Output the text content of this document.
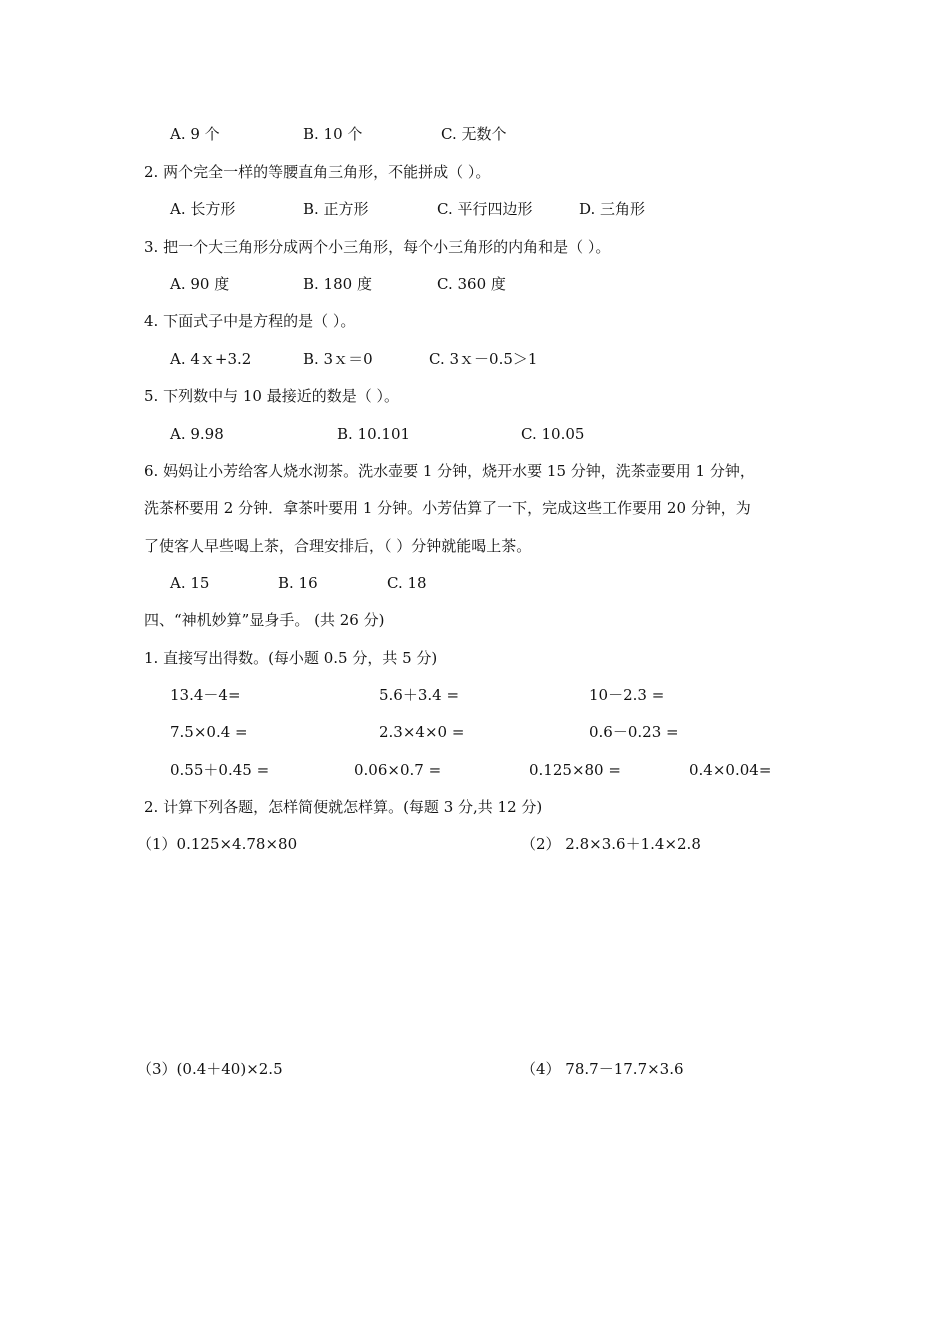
A. 9 个	B. 10 个	C. 无数个
2. 两个完全一样的等腰直角三角形，不能拼成（ ）。
A. 长方形	B. 正方形	C. 平行四边形	D. 三角形
3. 把一个大三角形分成两个小三角形，每个小三角形的内角和是（ ）。
A. 90 度	B. 180 度	C. 360 度
4. 下面式子中是方程的是（ ）。
A. 4ｘ+3.2	B. 3ｘ＝0	C. 3ｘ－0.5＞1
5. 下列数中与 10 最接近的数是（ ）。
A. 9.98	B. 10.101	C. 10.05
6. 妈妈让小芳给客人烧水沏茶。洗水壶要 1 分钟，烧开水要 15 分钟，洗茶壶要用 1 分钟，
洗茶杯要用 2 分钟．拿茶叶要用 1 分钟。小芳估算了一下，完成这些工作要用 20 分钟，为
了使客人早些喝上茶，合理安排后，（ ）分钟就能喝上茶。
A. 15	B. 16	C. 18
四、“神机妙算”显身手。 (共 26 分)
1. 直接写出得数。(每小题 0.5 分，共 5 分)
13.4－4=	5.6＋3.4 =	10－2.3 =
7.5×0.4 =	2.3×4×0 =	0.6－0.23 =
0.55＋0.45 =	0.06×0.7 =	0.125×80 =	0.4×0.04=
2. 计算下列各题，怎样简便就怎样算。(每题 3 分,共 12 分)
（1）0.125×4.78×80	（2） 2.8×3.6＋1.4×2.8
（3）(0.4＋40)×2.5	（4） 78.7－17.7×3.6
